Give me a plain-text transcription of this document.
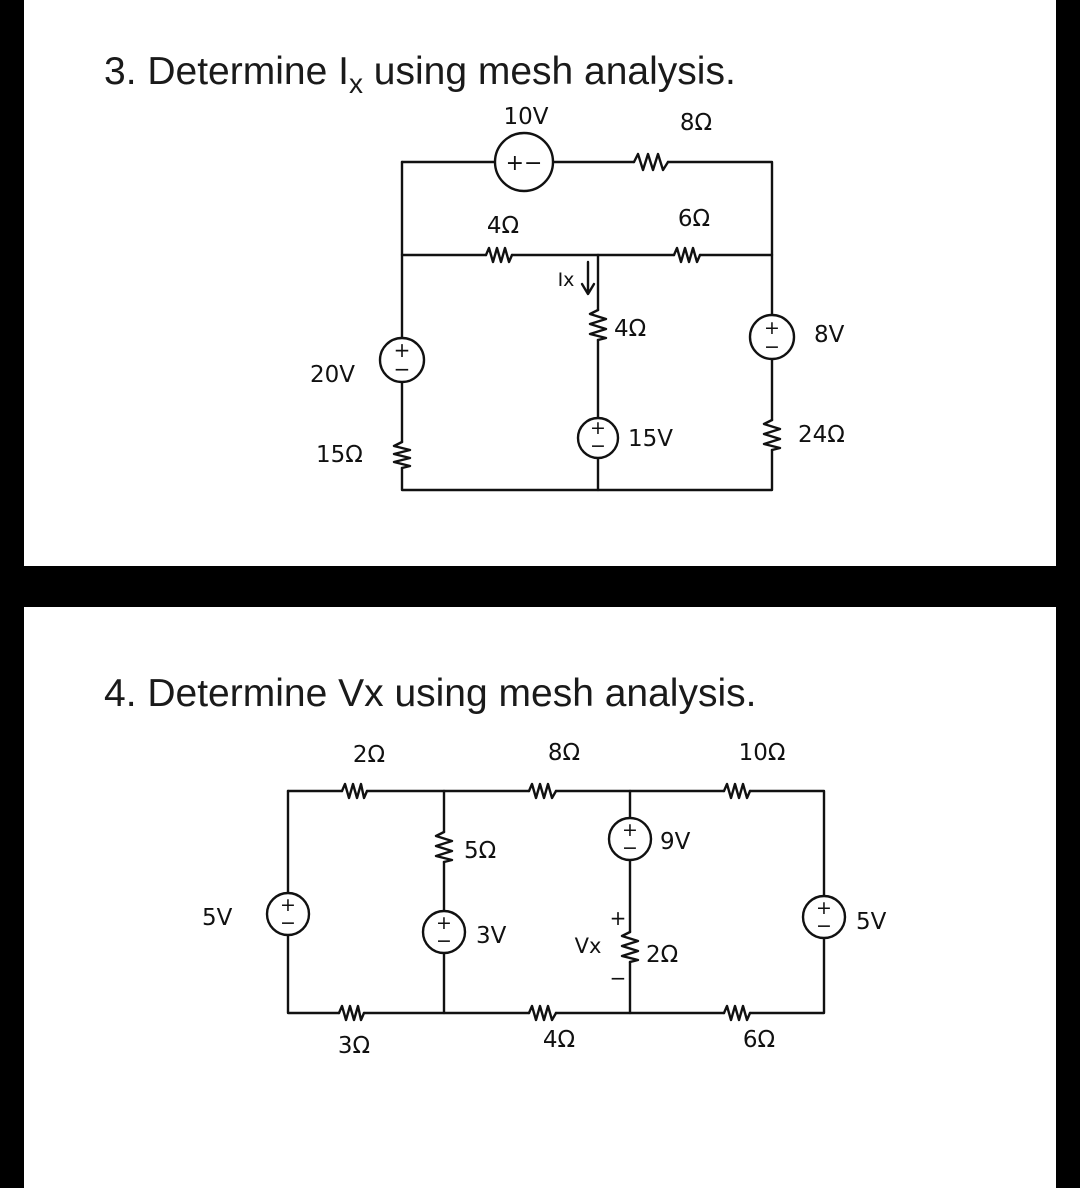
3. Determine $I_x$ using mesh analysis.
+−
+
−
+
−
+
−
10V	8Ω
4Ω	6Ω
Ix
4Ω	8V
20V
15V
15Ω
24Ω
4. Determine Vx using mesh analysis.
+
−	+
−
+
−
+
−
2Ω	8Ω	10Ω
5Ω	9V
5V
3V
+
Vx
−
2Ω
5V
3Ω	4Ω	6Ω
